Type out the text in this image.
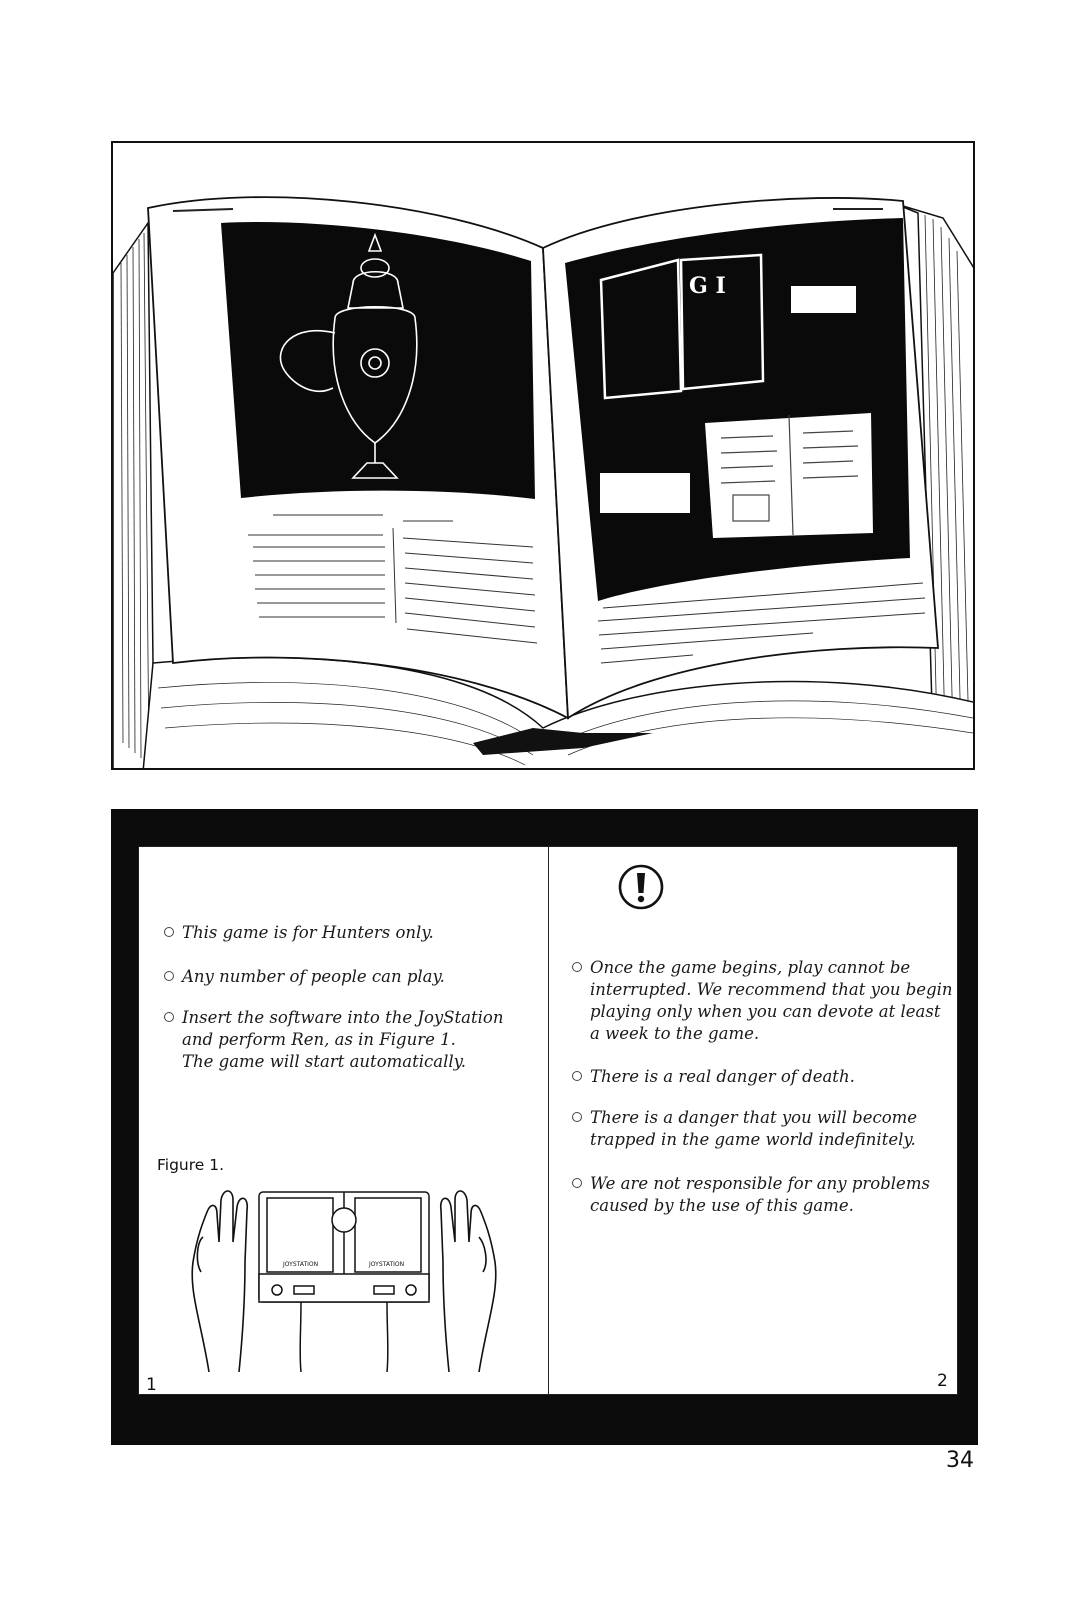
G I
This game is for Hunters only.
Any number of people can play.
Insert the software into the JoyStation
and perform Ren, as in Figure 1.
The game will start automatically.
Figure 1.
JOYSTATION	JOYSTATION
1
Once the game begins, play cannot be
interrupted. We recommend that you begin
playing only when you can devote at least
a week to the game.
There is a real danger of death.
There is a danger that you will become
trapped in the game world indefinitely.
We are not responsible for any problems
caused by the use of this game.
2
34
